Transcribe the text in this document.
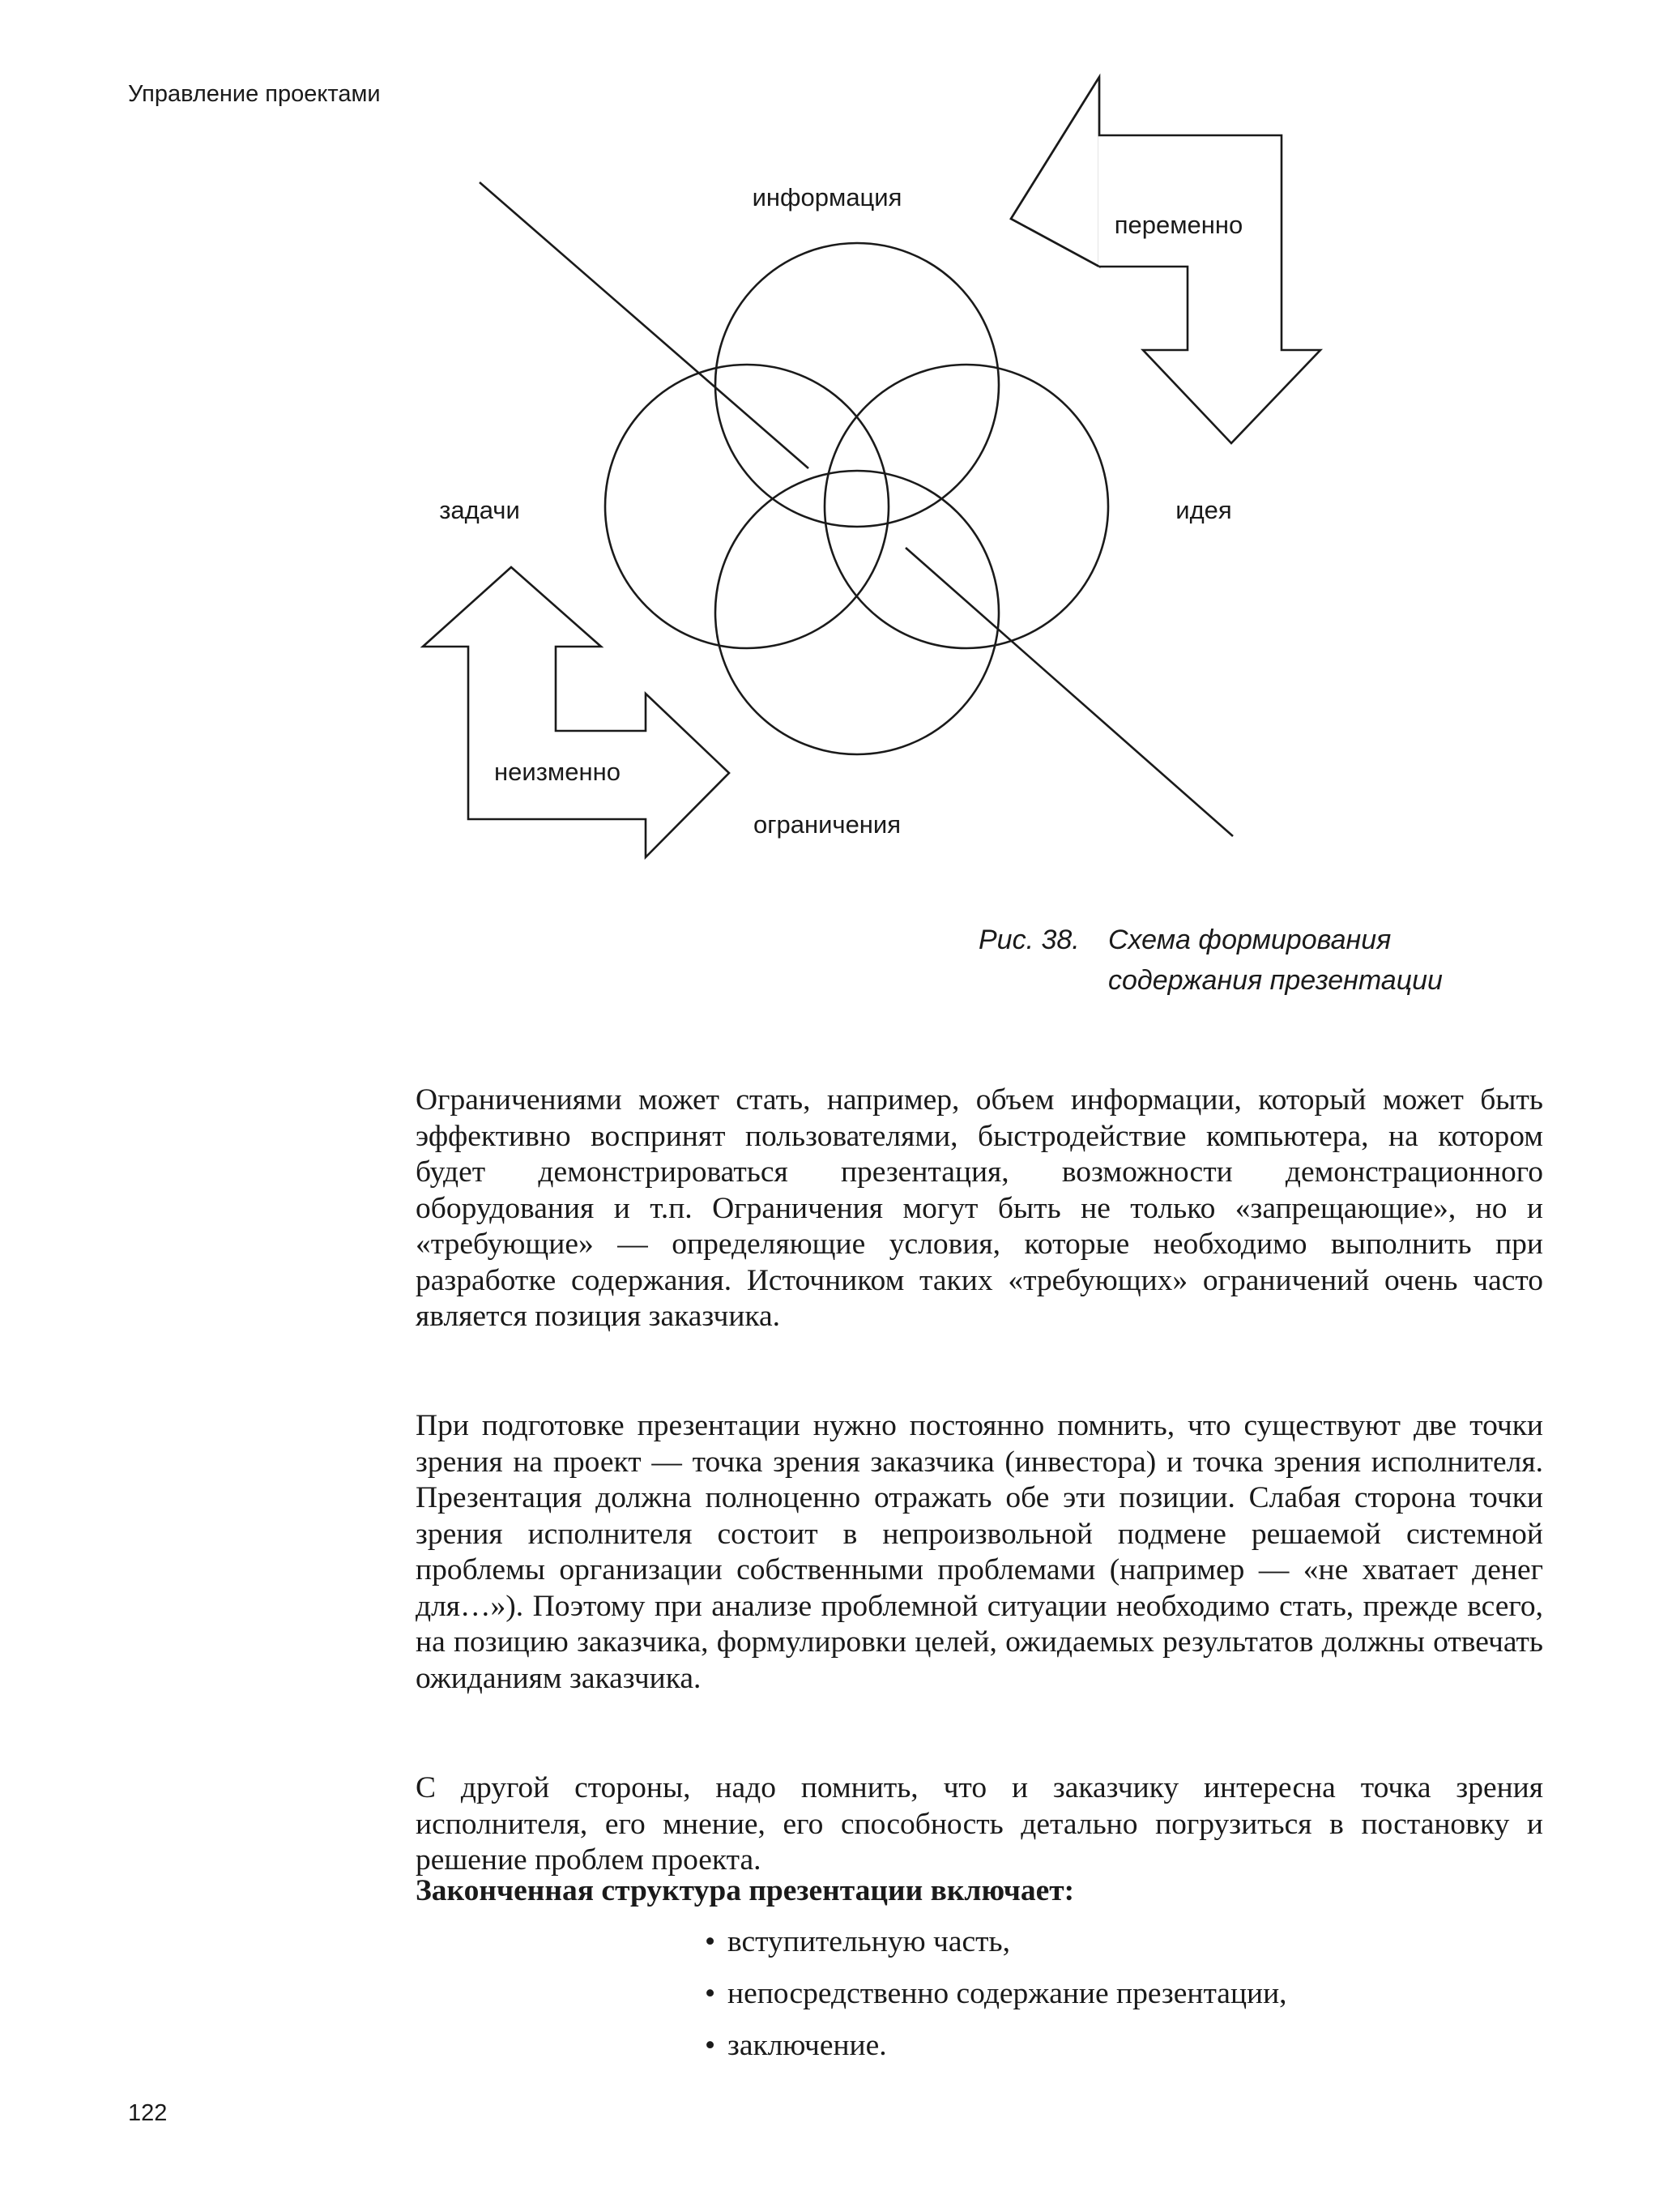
Управление проектами
информация
задачи	идея
ограничения
переменно
неизменно
Рис. 38. Схема формирования
содержания презентации

Ограничениями может стать, например, объем информации, который может быть эффективно воспринят пользователями, быстродействие компьютера, на котором будет демонстрироваться презентация, возможности демонстрационного оборудования и т.п. Ограничения могут быть не только «запрещающие», но и «требующие» — определяющие условия, которые необходимо выполнить при разработке содержания. Источником таких «требующих» ограничений очень часто является позиция заказчика.

При подготовке презентации нужно постоянно помнить, что существуют две точки зрения на проект — точка зрения заказчика (инвестора) и точка зрения исполнителя. Презентация должна полноценно отражать обе эти позиции. Слабая сторона точки зрения исполнителя состоит в непроизвольной подмене решаемой системной проблемы организации собственными проблемами (например — «не хватает денег для…»). Поэтому при анализе проблемной ситуации необходимо стать, прежде всего, на позицию заказчика, формулировки целей, ожидаемых результатов должны отвечать ожиданиям заказчика.

С другой стороны, надо помнить, что и заказчику интересна точка зрения исполнителя, его мнение, его способность детально погрузиться в постановку и решение проблем проекта.

Законченная структура презентации включает:

• вступительную часть,
• непосредственно содержание презентации,
• заключение.
122
